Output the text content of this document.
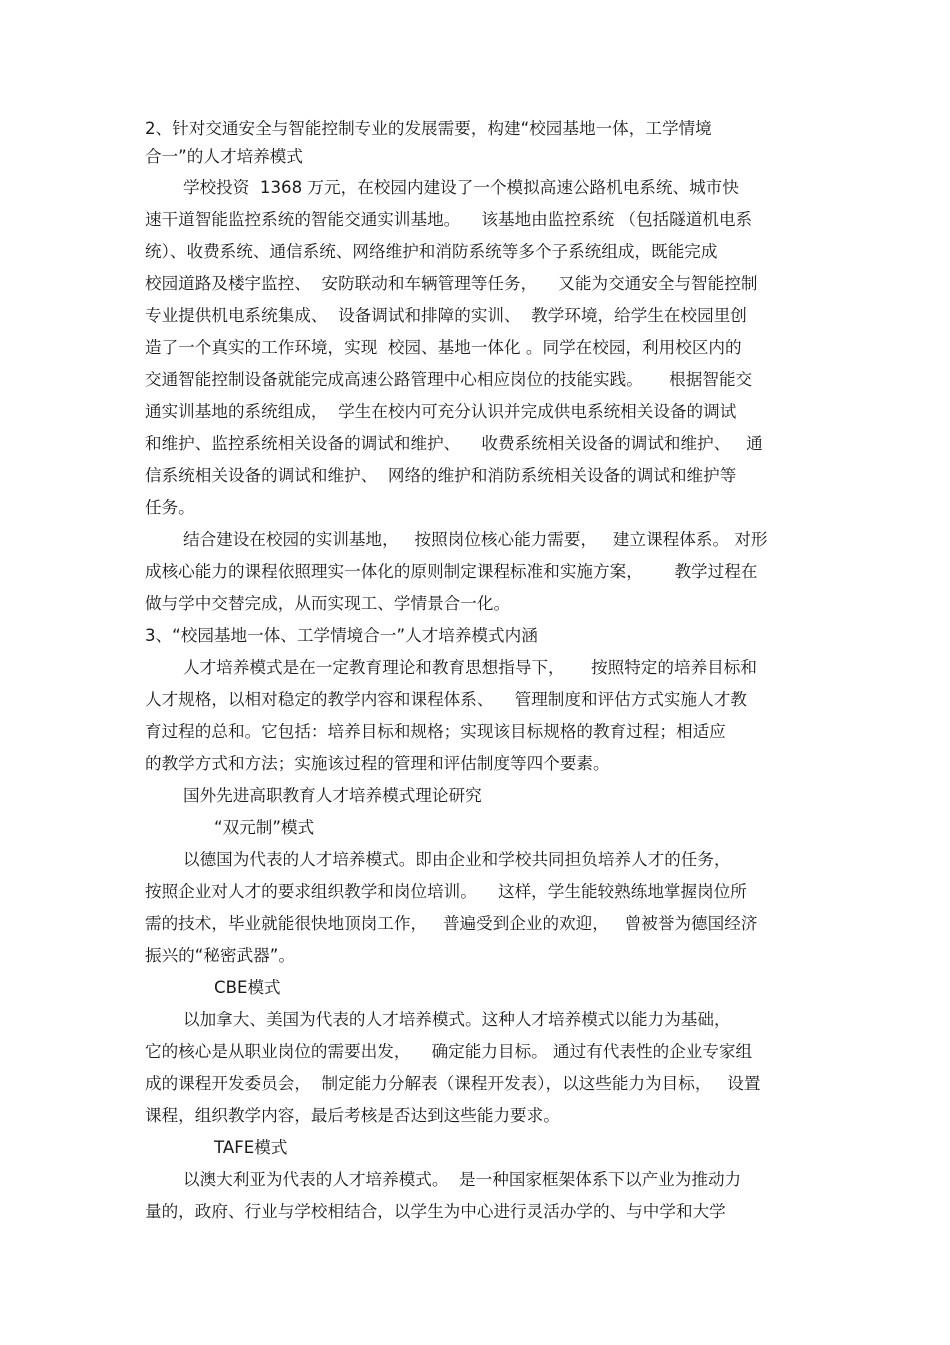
2、针对交通安全与智能控制专业的发展需要，构建“校园基地一体，工学情境
合一”的人才培养模式
学校投资  1368 万元，在校园内建设了一个模拟高速公路机电系统、城市快
速干道智能监控系统的智能交通实训基地。    该基地由监控系统 （包括隧道机电系
统）、收费系统、通信系统、网络维护和消防系统等多个子系统组成，既能完成
校园道路及楼宇监控、  安防联动和车辆管理等任务，    又能为交通安全与智能控制
专业提供机电系统集成、  设备调试和排障的实训、  教学环境，给学生在校园里创
造了一个真实的工作环境，实现  校园、基地一体化 。同学在校园，利用校区内的
交通智能控制设备就能完成高速公路管理中心相应岗位的技能实践。     根据智能交
通实训基地的系统组成，  学生在校内可充分认识并完成供电系统相关设备的调试
和维护、监控系统相关设备的调试和维护、    收费系统相关设备的调试和维护、   通
信系统相关设备的调试和维护、  网络的维护和消防系统相关设备的调试和维护等
任务。
结合建设在校园的实训基地，   按照岗位核心能力需要，   建立课程体系。 对形
成核心能力的课程依照理实一体化的原则制定课程标准和实施方案，      教学过程在
做与学中交替完成，从而实现工、学情景合一化。
3、“校园基地一体、工学情境合一”人才培养模式内涵
人才培养模式是在一定教育理论和教育思想指导下，     按照特定的培养目标和
人才规格，以相对稳定的教学内容和课程体系、    管理制度和评估方式实施人才教
育过程的总和。它包括：培养目标和规格；实现该目标规格的教育过程；相适应
的教学方式和方法；实施该过程的管理和评估制度等四个要素。
国外先进高职教育人才培养模式理论研究
“双元制”模式
以德国为代表的人才培养模式。即由企业和学校共同担负培养人才的任务，
按照企业对人才的要求组织教学和岗位培训。    这样，学生能较熟练地掌握岗位所
需的技术，毕业就能很快地顶岗工作，   普遍受到企业的欢迎，   曾被誉为德国经济
振兴的“秘密武器”。
CBE模式
以加拿大、美国为代表的人才培养模式。这种人才培养模式以能力为基础，
它的核心是从职业岗位的需要出发，    确定能力目标。 通过有代表性的企业专家组
成的课程开发委员会，  制定能力分解表（课程开发表），以这些能力为目标，   设置
课程，组织教学内容，最后考核是否达到这些能力要求。
TAFE模式
以澳大利亚为代表的人才培养模式。  是一种国家框架体系下以产业为推动力
量的，政府、行业与学校相结合，以学生为中心进行灵活办学的、与中学和大学
